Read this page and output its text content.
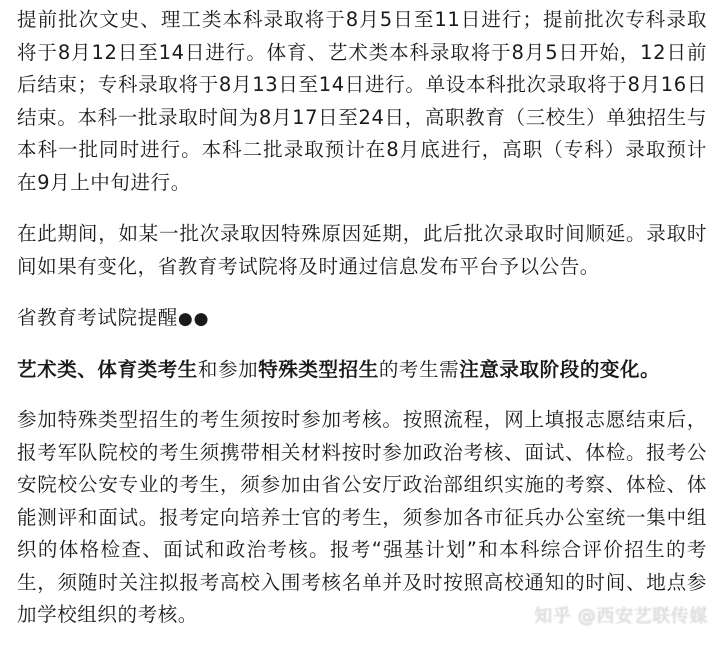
提前批次文史、理工类本科录取将于8月5日至11日进行；提前批次专科录取将于8月12日至14日进行。体育、艺术类本科录取将于8月5日开始，12日前后结束；专科录取将于8月13日至14日进行。单设本科批次录取将于8月16日结束。本科一批录取时间为8月17日至24日，高职教育（三校生）单独招生与本科一批同时进行。本科二批录取预计在8月底进行，高职（专科）录取预计在9月上中旬进行。

在此期间，如某一批次录取因特殊原因延期，此后批次录取时间顺延。录取时间如果有变化，省教育考试院将及时通过信息发布平台予以公告。

省教育考试院提醒●●

艺术类、体育类考生和参加特殊类型招生的考生需注意录取阶段的变化。

参加特殊类型招生的考生须按时参加考核。按照流程，网上填报志愿结束后，报考军队院校的考生须携带相关材料按时参加政治考核、面试、体检。报考公安院校公安专业的考生，须参加由省公安厅政治部组织实施的考察、体检、体能测评和面试。报考定向培养士官的考生，须参加各市征兵办公室统一集中组织的体格检查、面试和政治考核。报考“强基计划”和本科综合评价招生的考生，须随时关注拟报考高校入围考核名单并及时按照高校通知的时间、地点参加学校组织的考核。	知乎 @西安艺联传媒
